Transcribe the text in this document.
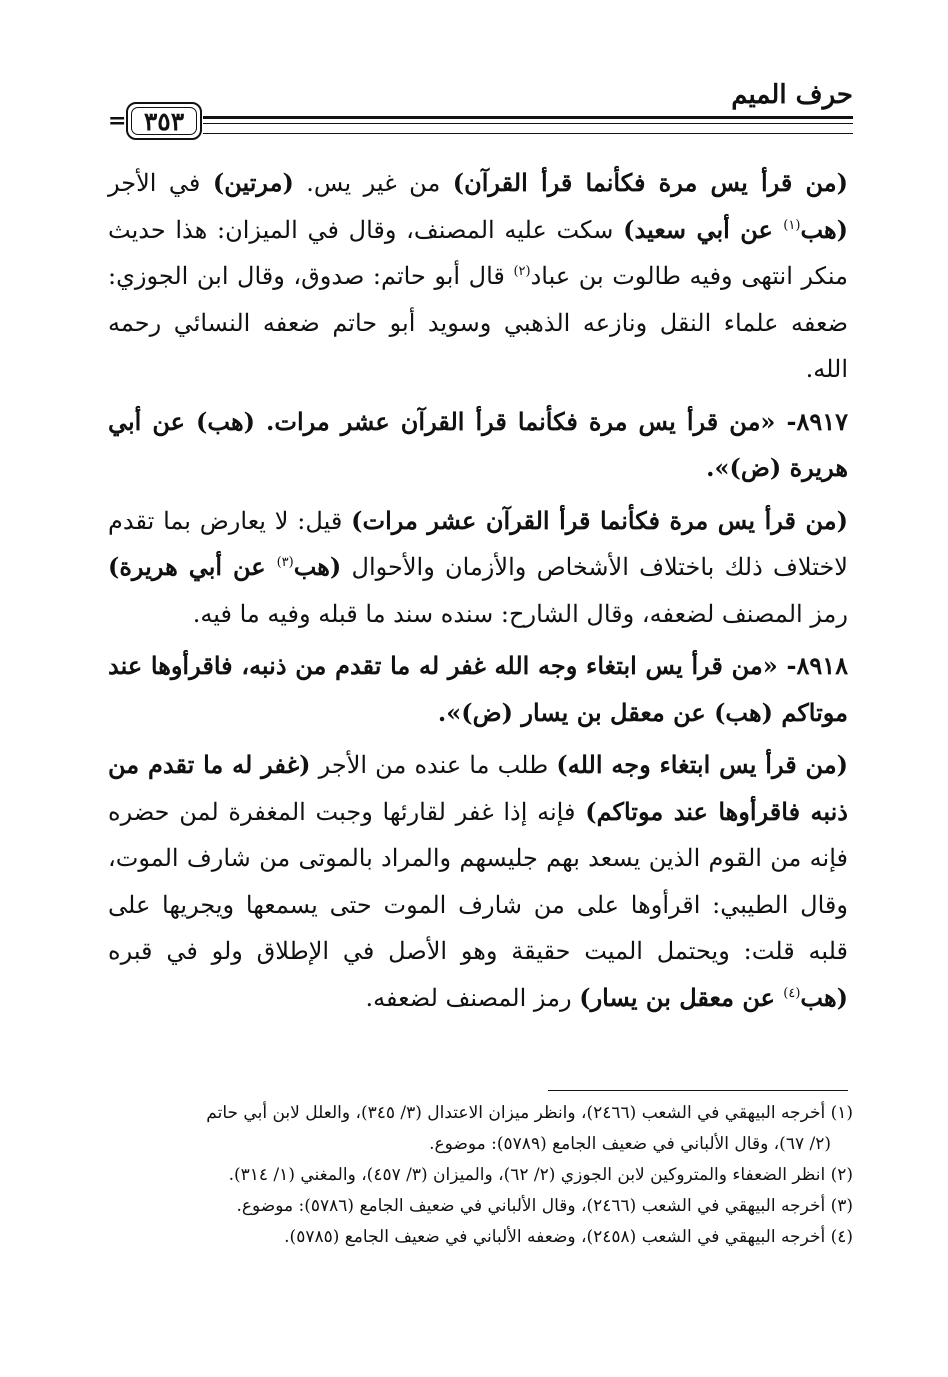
حرف الميم
٣٥٣
=

(من قرأ يس مرة فكأنما قرأ القرآن) من غير يس. (مرتين) في الأجر (هب$^{(١)}$ عن أبي سعيد) سكت عليه المصنف، وقال في الميزان: هذا حديث منكر انتهى وفيه طالوت بن عباد$^{(٢)}$ قال أبو حاتم: صدوق، وقال ابن الجوزي: ضعفه علماء النقل ونازعه الذهبي وسويد أبو حاتم ضعفه النسائي رحمه الله.

٨٩١٧- «من قرأ يس مرة فكأنما قرأ القرآن عشر مرات. (هب) عن أبي هريرة (ض)».

(من قرأ يس مرة فكأنما قرأ القرآن عشر مرات) قيل: لا يعارض بما تقدم لاختلاف ذلك باختلاف الأشخاص والأزمان والأحوال (هب$^{(٣)}$ عن أبي هريرة) رمز المصنف لضعفه، وقال الشارح: سنده سند ما قبله وفيه ما فيه.

٨٩١٨- «من قرأ يس ابتغاء وجه الله غفر له ما تقدم من ذنبه، فاقرأوها عند موتاكم (هب) عن معقل بن يسار (ض)».

(من قرأ يس ابتغاء وجه الله) طلب ما عنده من الأجر (غفر له ما تقدم من ذنبه فاقرأوها عند موتاكم) فإنه إذا غفر لقارئها وجبت المغفرة لمن حضره فإنه من القوم الذين يسعد بهم جليسهم والمراد بالموتى من شارف الموت، وقال الطيبي: اقرأوها على من شارف الموت حتى يسمعها ويجريها على قلبه قلت: ويحتمل الميت حقيقة وهو الأصل في الإطلاق ولو في قبره (هب$^{(٤)}$ عن معقل بن يسار) رمز المصنف لضعفه.

(١) أخرجه البيهقي في الشعب (٢٤٦٦)، وانظر ميزان الاعتدال (٣/ ٣٤٥)، والعلل لابن أبي حاتم

(٢/ ٦٧)، وقال الألباني في ضعيف الجامع (٥٧٨٩): موضوع.

(٢) انظر الضعفاء والمتروكين لابن الجوزي (٢/ ٦٢)، والميزان (٣/ ٤٥٧)، والمغني (١/ ٣١٤).

(٣) أخرجه البيهقي في الشعب (٢٤٦٦)، وقال الألباني في ضعيف الجامع (٥٧٨٦): موضوع.

(٤) أخرجه البيهقي في الشعب (٢٤٥٨)، وضعفه الألباني في ضعيف الجامع (٥٧٨٥).
